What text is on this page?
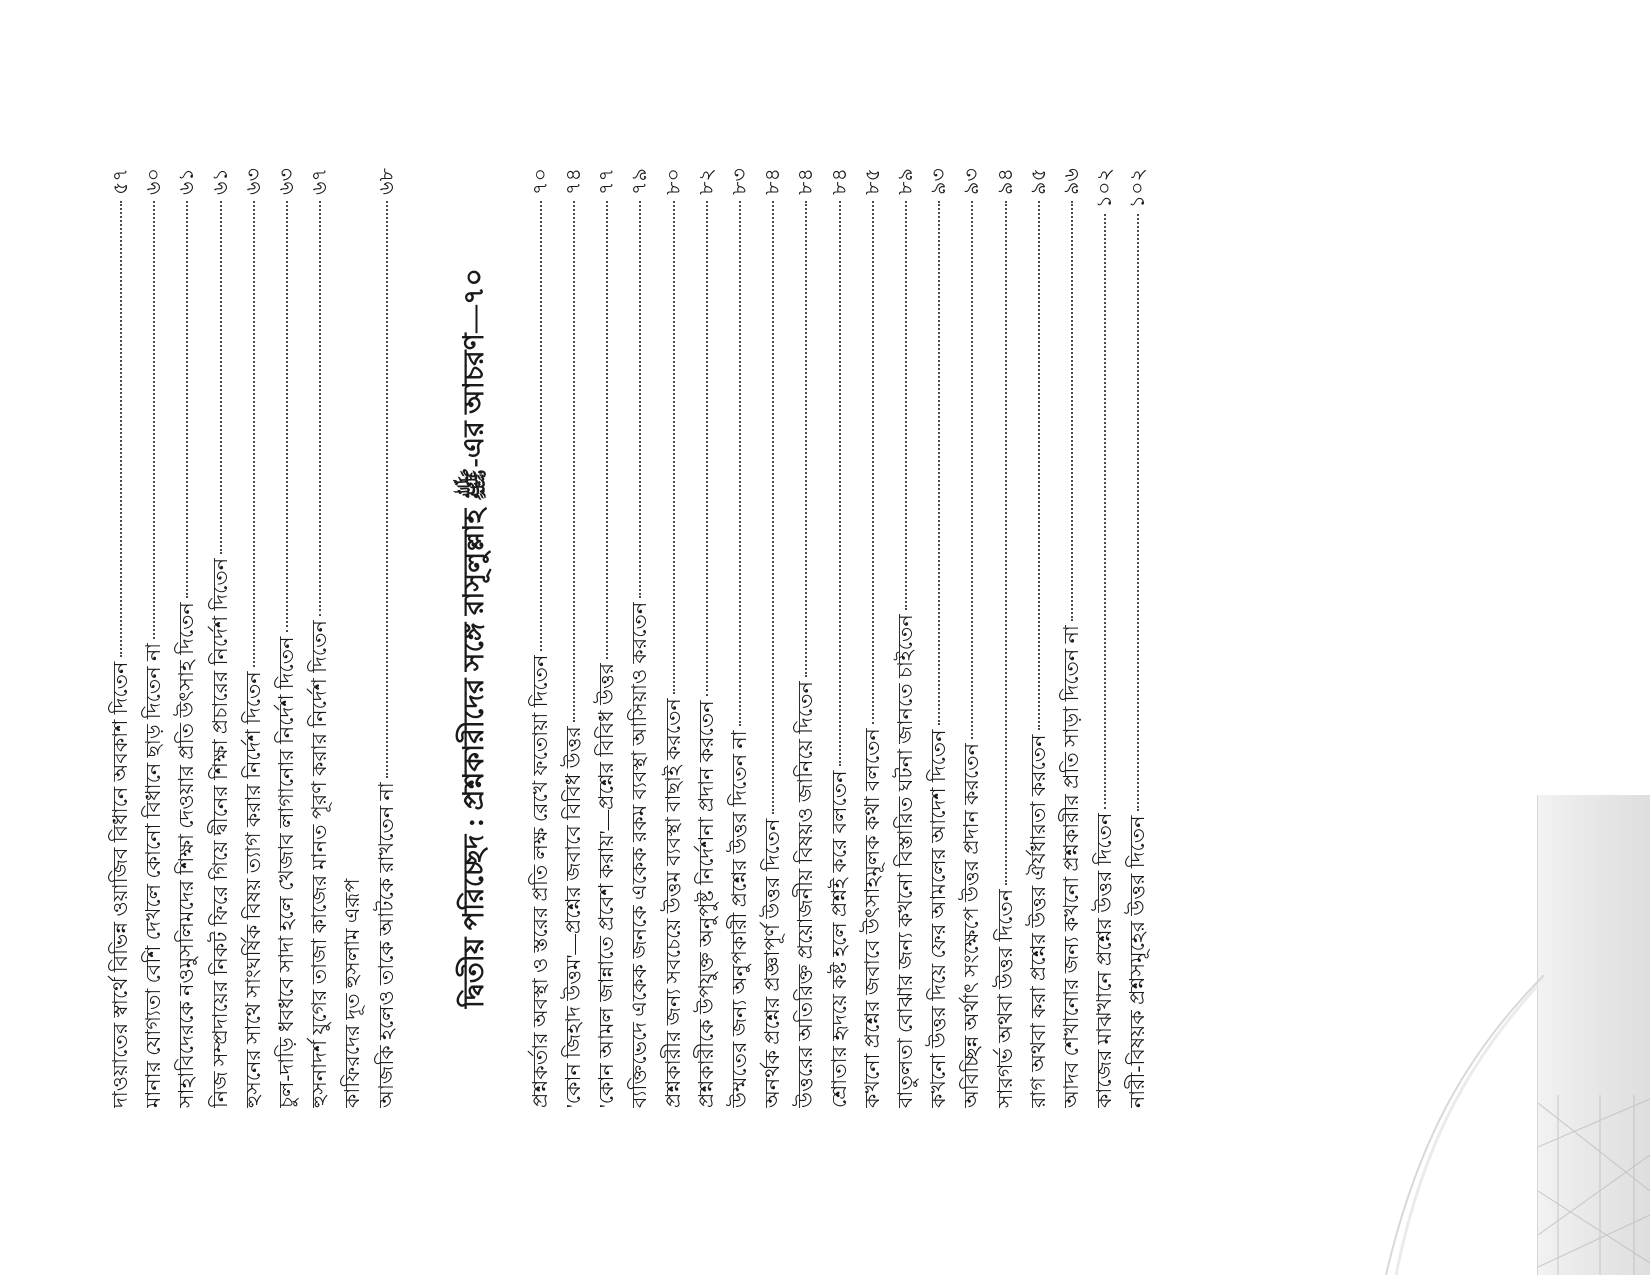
দাওয়াতের স্বার্থে বিভিন্ন ওয়াজিব বিধানে অবকাশ দিতেন
৫৭
মানার যোগ্যতা বেশি দেখলে কোনো বিধানে ছাড় দিতেন না
৬০
সাহাবিদেরকে নওমুসলিমদের শিক্ষা দেওয়ার প্রতি উৎসাহ দিতেন
৬১
নিজ সম্প্রদায়ের নিকট ফিরে গিয়ে দ্বীনের শিক্ষা প্রচারের নির্দেশ দিতেন
৬১
হুসনের সাথে সাংঘর্ষিক বিষয় ত্যাগ করার নির্দেশ দিতেন
৬৩
চুল-দাড়ি ধবধবে সাদা হলে খেজাব লাগানোর নির্দেশ দিতেন
৬৩
হুসনাদর্শ যুগের তাজা কাজের মানত পূরণ করার নির্দেশ দিতেন
৬৭
কাফিরদের দূত হুসলাম এরূপ আজকি হলেও তাকে আটকে রাখতেন না
৬৮
দ্বিতীয় পরিচ্ছেদ : প্রশ্নকারীদের সঙ্গে রাসূলুল্লাহ ﷺ-এর আচরণ—৭০
প্রশ্নকর্তার অবস্থা ও স্তরের প্রতি লক্ষ রেখে ফতোয়া দিতেন
৭০
'কোন জিহাদ উত্তম'—প্রশ্নের জবাবে বিবিধ উত্তর
৭৪
'কোন আমল জান্নাতে প্রবেশ করায়'—প্রশ্নের বিবিধ উত্তর
৭৭
ব্যক্তিভেদে একেক জনকে একেক রকম ব্যবস্থা আসিয়াও করতেন
৭৯
প্রশ্নকারীর জন্য সবচেয়ে উত্তম ব্যবস্থা বাছাই করতেন
৮০
প্রশ্নকারীকে উপযুক্ত অনুপুষ্ট নির্দেশনা প্রদান করতেন
৮২
উম্মতের জন্য অনুপকারী প্রশ্নের উত্তর দিতেন না
৮৩
অনর্থক প্রশ্নের প্রজ্ঞাপূর্ণ উত্তর দিতেন
৮৪
উত্তরের অতিরিক্ত প্রয়োজনীয় বিষয়ও জানিয়ে দিতেন
৮৪
শ্রোতার হৃদয়ে কষ্ট হলে প্রশ্নই করে বলতেন
৮৪
কখনো প্রশ্নের জবাবে উৎসাহমূলক কথা বলতেন
৮৫
বাতুলতা বোঝার জন্য কখনো বিস্তারিত ঘটনা জানতে চাইতেন
৮৯
কখনো উত্তর দিয়ে ফের আমলের আদেশ দিতেন
৯৩
অবিচ্ছিন্ন অর্থাৎ সংক্ষেপে উত্তর প্রদান করতেন
৯৩
সারগর্ভ অথবা উত্তর দিতেন
৯৪
রাগ অথবা করা প্রশ্নের উত্তর ঐর্যধারতা করতেন
৯৫
আদব শেখানোর জন্য কখনো প্রশ্নকারীর প্রতি সাড়া দিতেন না
৯৬
কাজের মাঝখানে প্রশ্নের উত্তর দিতেন
১০২
নারী-বিষয়ক প্রশ্নসমূহের উত্তর দিতেন
১০২
